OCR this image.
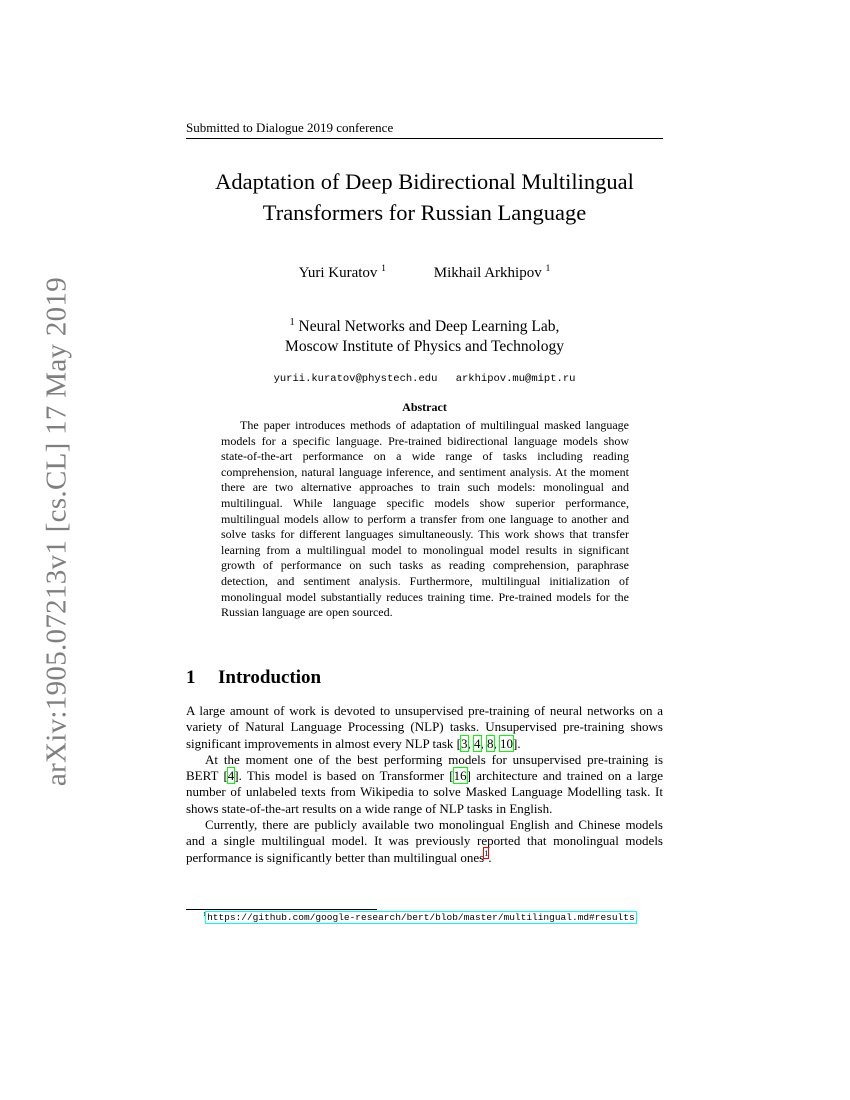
arXiv:1905.07213v1 [cs.CL] 17 May 2019
Submitted to Dialogue 2019 conference
Adaptation of Deep Bidirectional Multilingual
Transformers for Russian Language
Yuri Kuratov $^1$	Mikhail Arkhipov $^1$
$^1$ Neural Networks and Deep Learning Lab,
Moscow Institute of Physics and Technology
yurii.kuratov@phystech.edu arkhipov.mu@mipt.ru
Abstract
The paper introduces methods of adaptation of multilingual masked language models for a specific language. Pre-trained bidirectional language models show state-of-the-art performance on a wide range of tasks including reading comprehension, natural language inference, and sentiment analysis. At the moment there are two alternative approaches to train such models: monolingual and multilingual. While language specific models show superior performance, multilingual models allow to perform a transfer from one language to another and solve tasks for different languages simultaneously. This work shows that transfer learning from a multilingual model to monolingual model results in significant growth of performance on such tasks as reading comprehension, paraphrase detection, and sentiment analysis. Furthermore, multilingual initialization of monolingual model substantially reduces training time. Pre-trained models for the Russian language are open sourced.
1 Introduction

A large amount of work is devoted to unsupervised pre-training of neural networks on a variety of Natural Language Processing (NLP) tasks. Unsupervised pre-training shows significant improvements in almost every NLP task [3, 4, 8, 10].

At the moment one of the best performing models for unsupervised pre-training is BERT [4]. This model is based on Transformer [16] architecture and trained on a large number of unlabeled texts from Wikipedia to solve Masked Language Modelling task. It shows state-of-the-art results on a wide range of NLP tasks in English.

Currently, there are publicly available two monolingual English and Chinese models and a single multilingual model. It was previously reported that monolingual models performance is significantly better than multilingual ones$^1$.

$^1$https://github.com/google-research/bert/blob/master/multilingual.md#results
